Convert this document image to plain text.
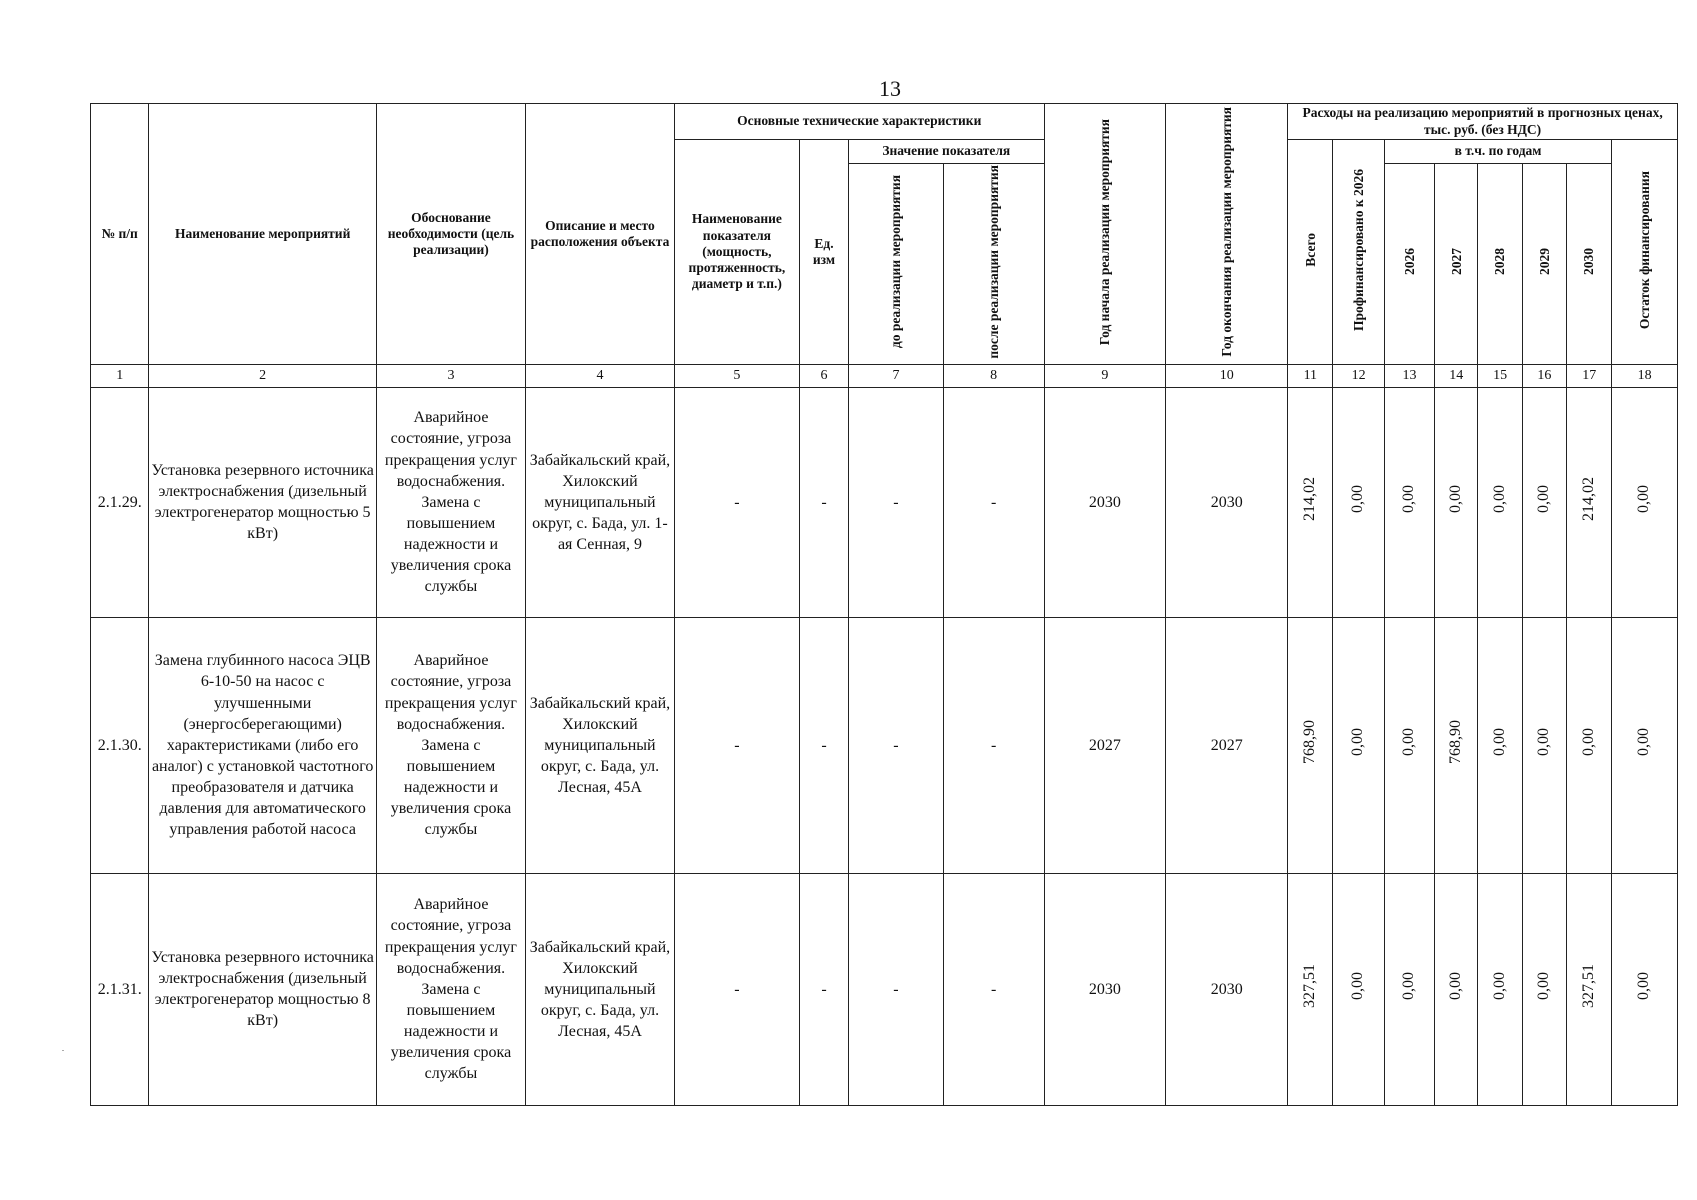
13
№ п/п	Наименование мероприятий	Обоснование необходимости (цель реализации)	Описание и место расположения объекта	Основные технические характеристики				Год начала реализации мероприятия	Год окончания реализации мероприятия	Расходы на реализацию мероприятий в прогнозных ценах, тыс. руб. (без НДС)							
				Наименование показателя (мощность, протяженность, диаметр и т.п.)	Ед. изм	Значение показателя				Всего	Профинансировано к 2026	в т.ч. по годам					Остаток финансирования
						до реализации мероприятия	после реализации мероприятия					2026	2027	2028	2029	2030	
1	2	3	4	5	6	7	8	9	10	11	12	13	14	15	16	17	18
2.1.29.	Установка резервного источника электроснабжения (дизельный электрогенератор мощностью 5 кВт)	Аварийное состояние, угроза прекращения услуг водоснабжения. Замена с повышением надежности и увеличения срока службы	Забайкальский край, Хилокский муниципальный округ, с. Бада, ул. 1-ая Сенная, 9	-	-	-	-	2030	2030	214,02	0,00	0,00	0,00	0,00	0,00	214,02	0,00
2.1.30.	Замена глубинного насоса ЭЦВ 6-10-50 на насос с улучшенными (энергосберегающими) характеристиками (либо его аналог) с установкой частотного преобразователя и датчика давления для автоматического управления работой насоса	Аварийное состояние, угроза прекращения услуг водоснабжения. Замена с повышением надежности и увеличения срока службы	Забайкальский край, Хилокский муниципальный округ, с. Бада, ул. Лесная, 45А	-	-	-	-	2027	2027	768,90	0,00	0,00	768,90	0,00	0,00	0,00	0,00
2.1.31.	Установка резервного источника электроснабжения (дизельный электрогенератор мощностью 8 кВт)	Аварийное состояние, угроза прекращения услуг водоснабжения. Замена с повышением надежности и увеличения срока службы	Забайкальский край, Хилокский муниципальный округ, с. Бада, ул. Лесная, 45А	-	-	-	-	2030	2030	327,51	0,00	0,00	0,00	0,00	0,00	327,51	0,00
